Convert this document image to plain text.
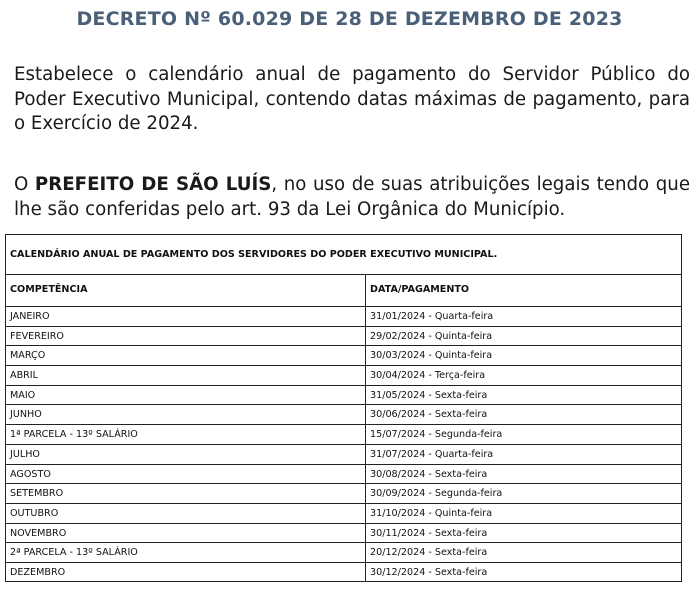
DECRETO Nº 60.029 DE 28 DE DEZEMBRO DE 2023

Estabelece o calendário anual de pagamento do Servidor Público do Poder Executivo Municipal, contendo datas máximas de pagamento, para o Exercício de 2024.

O PREFEITO DE SÃO LUÍS, no uso de suas atribuições legais tendo que lhe são conferidas pelo art. 93 da Lei Orgânica do Município.

CALENDÁRIO ANUAL DE PAGAMENTO DOS SERVIDORES DO PODER EXECUTIVO MUNICIPAL.
COMPETÊNCIA	DATA/PAGAMENTO
JANEIRO	31/01/2024 - Quarta-feira
FEVEREIRO	29/02/2024 - Quinta-feira
MARÇO	30/03/2024 - Quinta-feira
ABRIL	30/04/2024 - Terça-feira
MAIO	31/05/2024 - Sexta-feira
JUNHO	30/06/2024 - Sexta-feira
1ª PARCELA - 13º SALÁRIO	15/07/2024 - Segunda-feira
JULHO	31/07/2024 - Quarta-feira
AGOSTO	30/08/2024 - Sexta-feira
SETEMBRO	30/09/2024 - Segunda-feira
OUTUBRO	31/10/2024 - Quinta-feira
NOVEMBRO	30/11/2024 - Sexta-feira
2ª PARCELA - 13º SALÁRIO	20/12/2024 - Sexta-feira
DEZEMBRO	30/12/2024 - Sexta-feira
